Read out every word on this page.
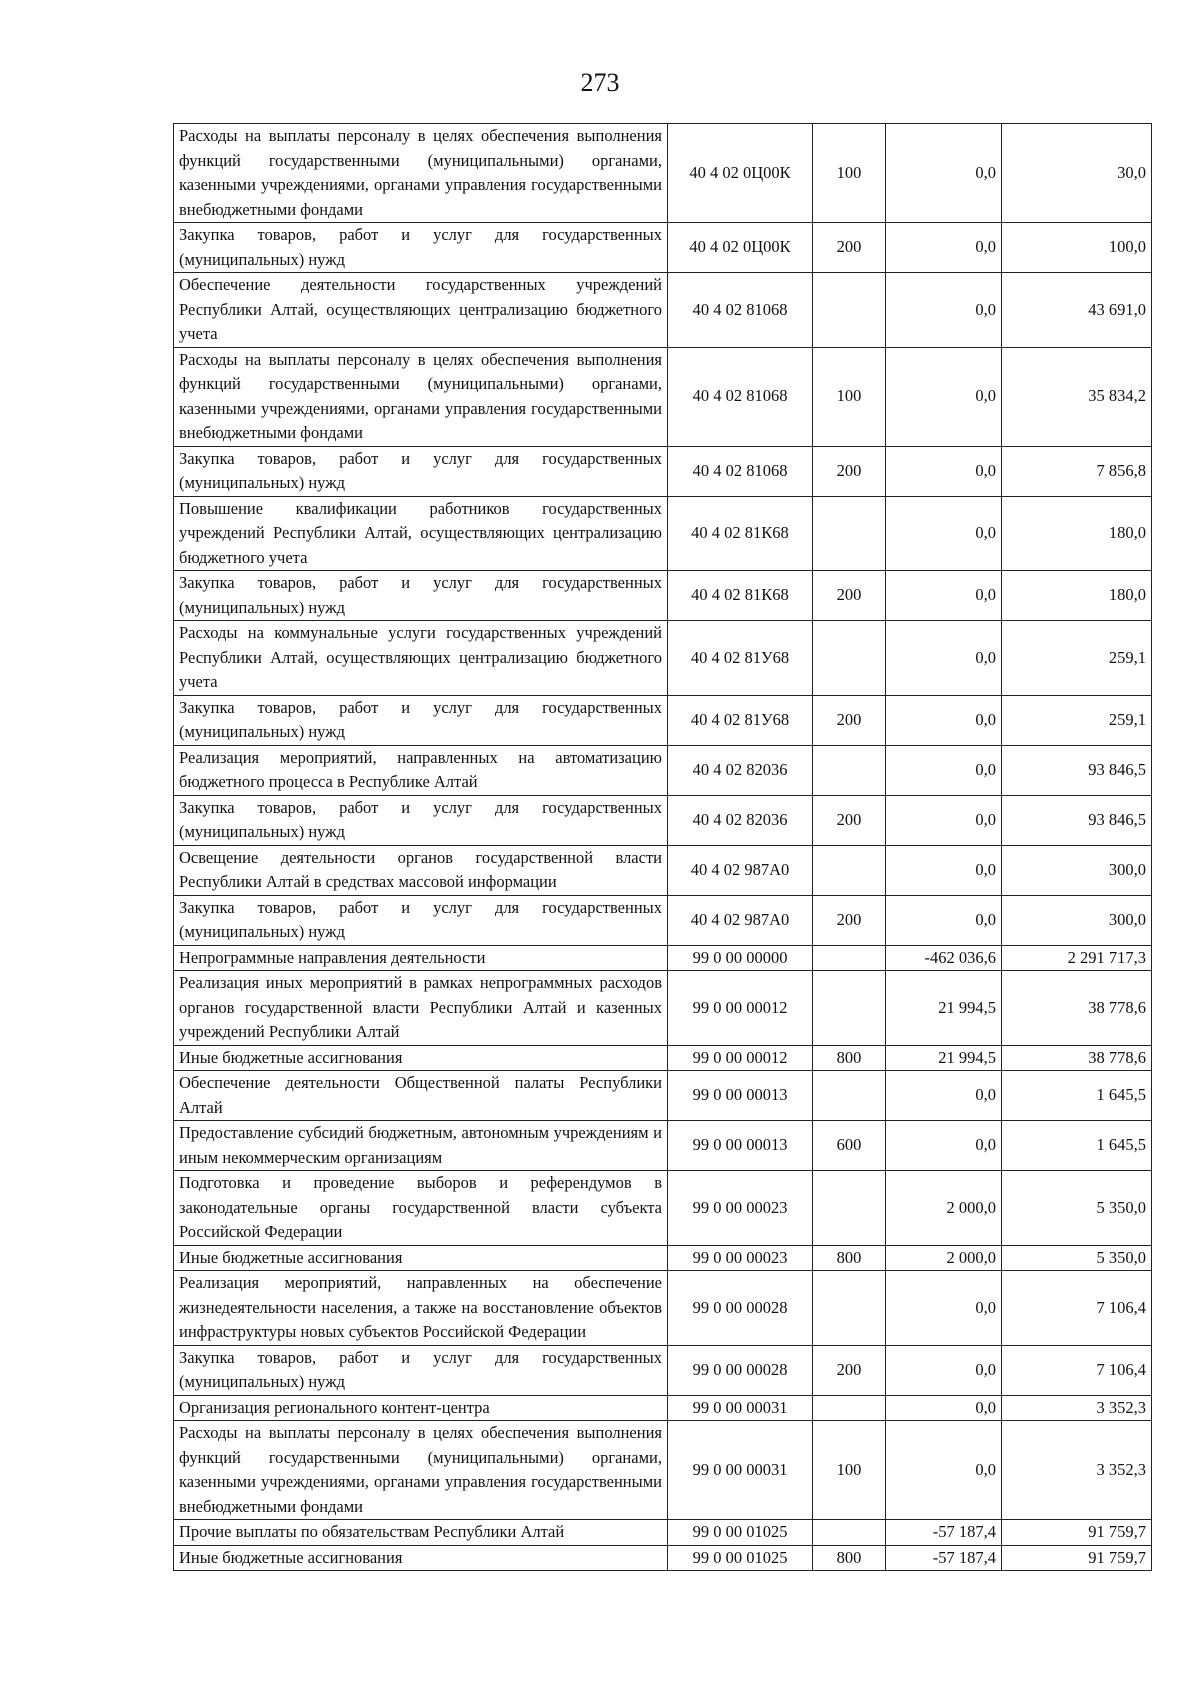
273
Расходы на выплаты персоналу в целях обеспечения выполнения функций государственными (муниципальными) органами, казенными учреждениями, органами управления государственными внебюджетными фондами	40 4 02 0Ц00К	100	0,0	30,0
Закупка товаров, работ и услуг для государственных (муниципальных) нужд	40 4 02 0Ц00К	200	0,0	100,0
Обеспечение деятельности государственных учреждений Республики Алтай, осуществляющих централизацию бюджетного учета	40 4 02 81068		0,0	43 691,0
Расходы на выплаты персоналу в целях обеспечения выполнения функций государственными (муниципальными) органами, казенными учреждениями, органами управления государственными внебюджетными фондами	40 4 02 81068	100	0,0	35 834,2
Закупка товаров, работ и услуг для государственных (муниципальных) нужд	40 4 02 81068	200	0,0	7 856,8
Повышение квалификации работников государственных учреждений Республики Алтай, осуществляющих централизацию бюджетного учета	40 4 02 81К68		0,0	180,0
Закупка товаров, работ и услуг для государственных (муниципальных) нужд	40 4 02 81К68	200	0,0	180,0
Расходы на коммунальные услуги государственных учреждений Республики Алтай, осуществляющих централизацию бюджетного учета	40 4 02 81У68		0,0	259,1
Закупка товаров, работ и услуг для государственных (муниципальных) нужд	40 4 02 81У68	200	0,0	259,1
Реализация мероприятий, направленных на автоматизацию бюджетного процесса в Республике Алтай	40 4 02 82036		0,0	93 846,5
Закупка товаров, работ и услуг для государственных (муниципальных) нужд	40 4 02 82036	200	0,0	93 846,5
Освещение деятельности органов государственной власти Республики Алтай в средствах массовой информации	40 4 02 987А0		0,0	300,0
Закупка товаров, работ и услуг для государственных (муниципальных) нужд	40 4 02 987А0	200	0,0	300,0
Непрограммные направления деятельности	99 0 00 00000		-462 036,6	2 291 717,3
Реализация иных мероприятий в рамках непрограммных расходов органов государственной власти Республики Алтай и казенных учреждений Республики Алтай	99 0 00 00012		21 994,5	38 778,6
Иные бюджетные ассигнования	99 0 00 00012	800	21 994,5	38 778,6
Обеспечение деятельности Общественной палаты Республики Алтай	99 0 00 00013		0,0	1 645,5
Предоставление субсидий бюджетным, автономным учреждениям и иным некоммерческим организациям	99 0 00 00013	600	0,0	1 645,5
Подготовка и проведение выборов и референдумов в законодательные органы государственной власти субъекта Российской Федерации	99 0 00 00023		2 000,0	5 350,0
Иные бюджетные ассигнования	99 0 00 00023	800	2 000,0	5 350,0
Реализация мероприятий, направленных на обеспечение жизнедеятельности населения, а также на восстановление объектов инфраструктуры новых субъектов Российской Федерации	99 0 00 00028		0,0	7 106,4
Закупка товаров, работ и услуг для государственных (муниципальных) нужд	99 0 00 00028	200	0,0	7 106,4
Организация регионального контент-центра	99 0 00 00031		0,0	3 352,3
Расходы на выплаты персоналу в целях обеспечения выполнения функций государственными (муниципальными) органами, казенными учреждениями, органами управления государственными внебюджетными фондами	99 0 00 00031	100	0,0	3 352,3
Прочие выплаты по обязательствам Республики Алтай	99 0 00 01025		-57 187,4	91 759,7
Иные бюджетные ассигнования	99 0 00 01025	800	-57 187,4	91 759,7
